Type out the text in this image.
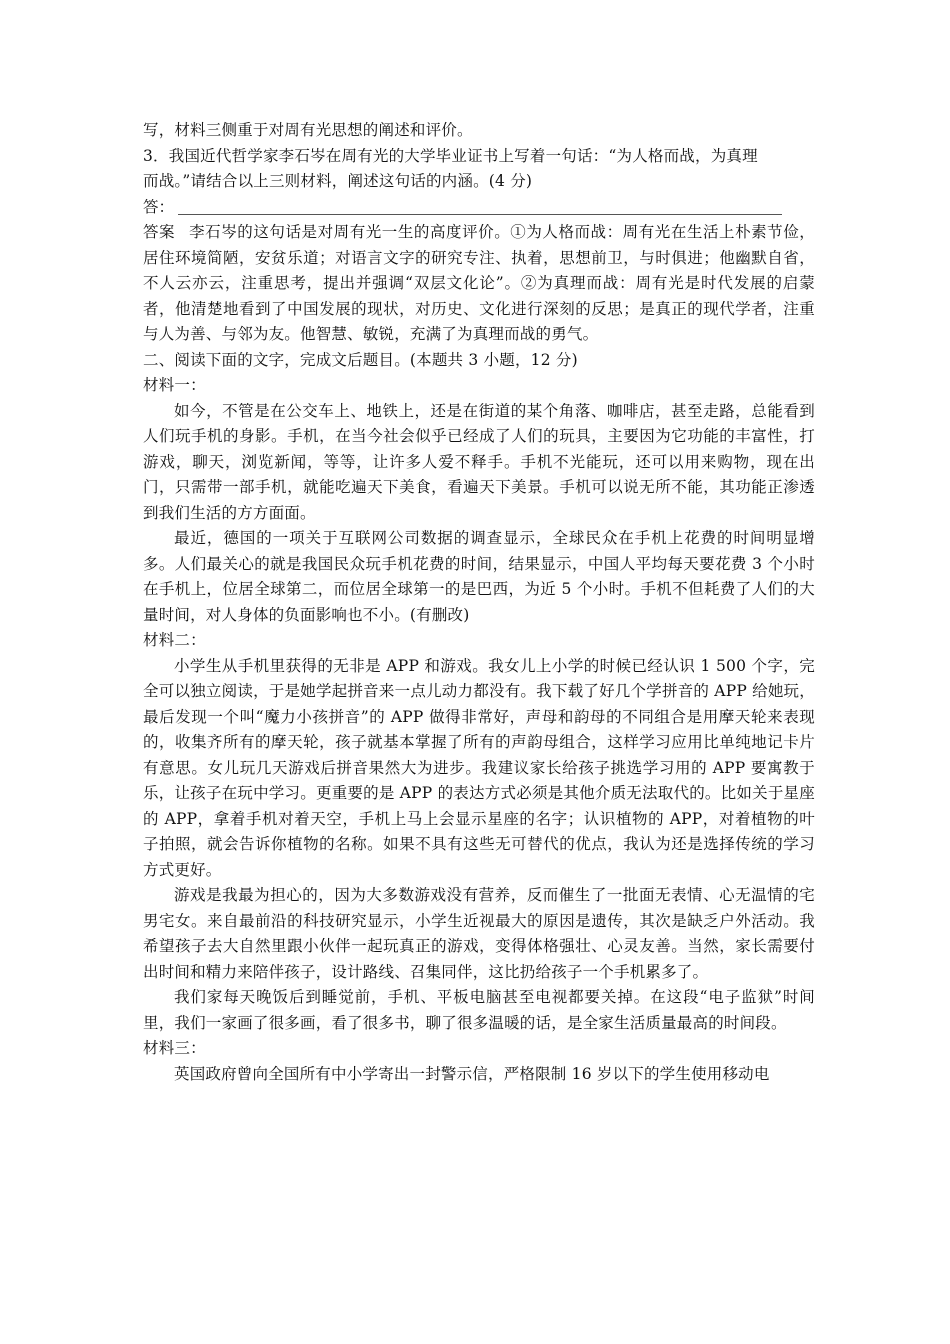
写，材料三侧重于对周有光思想的阐述和评价。
3．我国近代哲学家李石岑在周有光的大学毕业证书上写着一句话：“为人格而战，为真理
而战。”请结合以上三则材料，阐述这句话的内涵。(4 分)
答：
答案 李石岑的这句话是对周有光一生的高度评价。①为人格而战：周有光在生活上朴素节俭，居住环境简陋，安贫乐道；对语言文字的研究专注、执着，思想前卫，与时俱进；他幽默自省，不人云亦云，注重思考，提出并强调“双层文化论”。②为真理而战：周有光是时代发展的启蒙者，他清楚地看到了中国发展的现状，对历史、文化进行深刻的反思；是真正的现代学者，注重与人为善、与邻为友。他智慧、敏锐，充满了为真理而战的勇气。
二、阅读下面的文字，完成文后题目。(本题共 3 小题，12 分)
材料一：
如今，不管是在公交车上、地铁上，还是在街道的某个角落、咖啡店，甚至走路，总能看到人们玩手机的身影。手机，在当今社会似乎已经成了人们的玩具，主要因为它功能的丰富性，打游戏，聊天，浏览新闻，等等，让许多人爱不释手。手机不光能玩，还可以用来购物，现在出门，只需带一部手机，就能吃遍天下美食，看遍天下美景。手机可以说无所不能，其功能正渗透到我们生活的方方面面。
最近，德国的一项关于互联网公司数据的调查显示，全球民众在手机上花费的时间明显增多。人们最关心的就是我国民众玩手机花费的时间，结果显示，中国人平均每天要花费 3 个小时在手机上，位居全球第二，而位居全球第一的是巴西，为近 5 个小时。手机不但耗费了人们的大量时间，对人身体的负面影响也不小。(有删改)
材料二：
小学生从手机里获得的无非是 APP 和游戏。我女儿上小学的时候已经认识 1 500 个字，完全可以独立阅读，于是她学起拼音来一点儿动力都没有。我下载了好几个学拼音的 APP 给她玩，最后发现一个叫“魔力小孩拼音”的 APP 做得非常好，声母和韵母的不同组合是用摩天轮来表现的，收集齐所有的摩天轮，孩子就基本掌握了所有的声韵母组合，这样学习应用比单纯地记卡片有意思。女儿玩几天游戏后拼音果然大为进步。我建议家长给孩子挑选学习用的 APP 要寓教于乐，让孩子在玩中学习。更重要的是 APP 的表达方式必须是其他介质无法取代的。比如关于星座的 APP，拿着手机对着天空，手机上马上会显示星座的名字；认识植物的 APP，对着植物的叶子拍照，就会告诉你植物的名称。如果不具有这些无可替代的优点，我认为还是选择传统的学习方式更好。
游戏是我最为担心的，因为大多数游戏没有营养，反而催生了一批面无表情、心无温情的宅男宅女。来自最前沿的科技研究显示，小学生近视最大的原因是遗传，其次是缺乏户外活动。我希望孩子去大自然里跟小伙伴一起玩真正的游戏，变得体格强壮、心灵友善。当然，家长需要付出时间和精力来陪伴孩子，设计路线、召集同伴，这比扔给孩子一个手机累多了。
我们家每天晚饭后到睡觉前，手机、平板电脑甚至电视都要关掉。在这段“电子监狱”时间里，我们一家画了很多画，看了很多书，聊了很多温暖的话，是全家生活质量最高的时间段。
材料三：
英国政府曾向全国所有中小学寄出一封警示信，严格限制 16 岁以下的学生使用移动电
